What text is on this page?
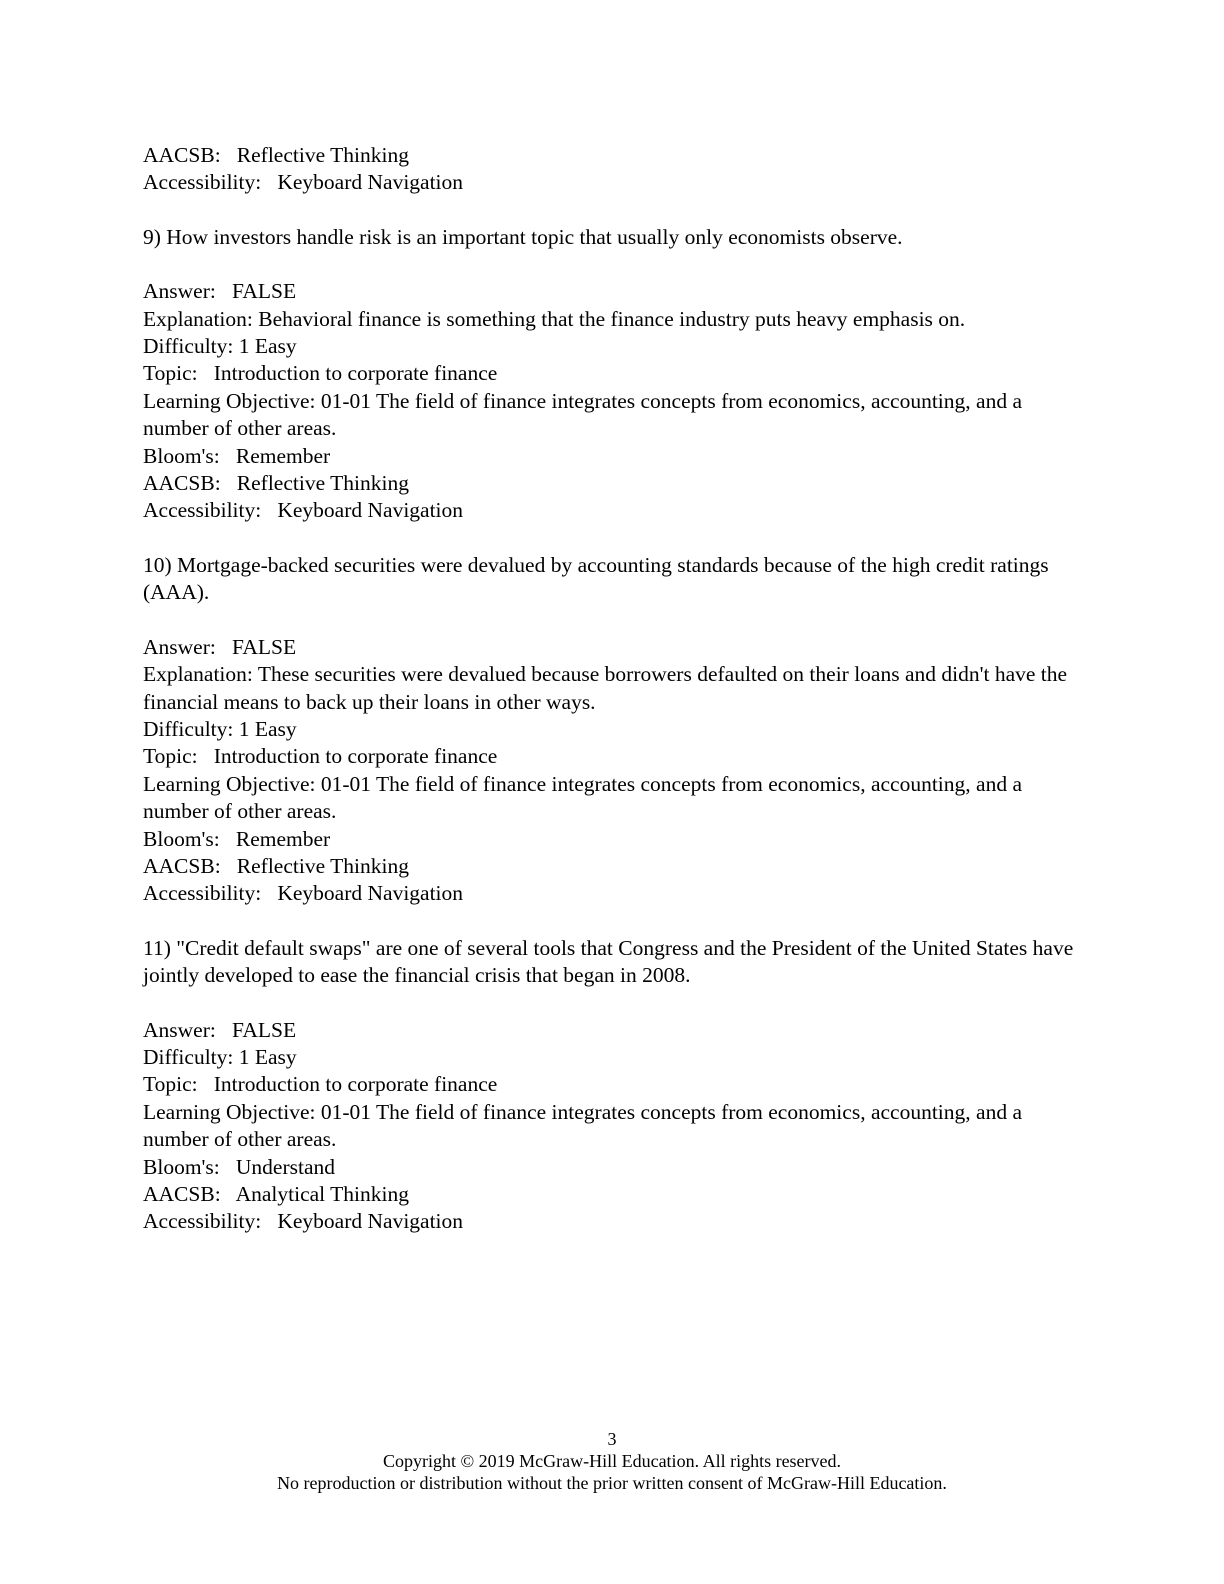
AACSB:   Reflective Thinking
Accessibility:   Keyboard Navigation
9) How investors handle risk is an important topic that usually only economists observe.
Answer:   FALSE
Explanation: Behavioral finance is something that the finance industry puts heavy emphasis on.
Difficulty: 1 Easy
Topic:   Introduction to corporate finance
Learning Objective: 01-01 The field of finance integrates concepts from economics, accounting, and a number of other areas.
Bloom's:   Remember
AACSB:   Reflective Thinking
Accessibility:   Keyboard Navigation
10) Mortgage-backed securities were devalued by accounting standards because of the high credit ratings (AAA).
Answer:   FALSE
Explanation: These securities were devalued because borrowers defaulted on their loans and didn't have the financial means to back up their loans in other ways.
Difficulty: 1 Easy
Topic:   Introduction to corporate finance
Learning Objective: 01-01 The field of finance integrates concepts from economics, accounting, and a number of other areas.
Bloom's:   Remember
AACSB:   Reflective Thinking
Accessibility:   Keyboard Navigation
11) "Credit default swaps" are one of several tools that Congress and the President of the United States have jointly developed to ease the financial crisis that began in 2008.
Answer:   FALSE
Difficulty: 1 Easy
Topic:   Introduction to corporate finance
Learning Objective: 01-01 The field of finance integrates concepts from economics, accounting, and a number of other areas.
Bloom's:   Understand
AACSB:   Analytical Thinking
Accessibility:   Keyboard Navigation
3
Copyright © 2019 McGraw-Hill Education. All rights reserved.
No reproduction or distribution without the prior written consent of McGraw-Hill Education.
